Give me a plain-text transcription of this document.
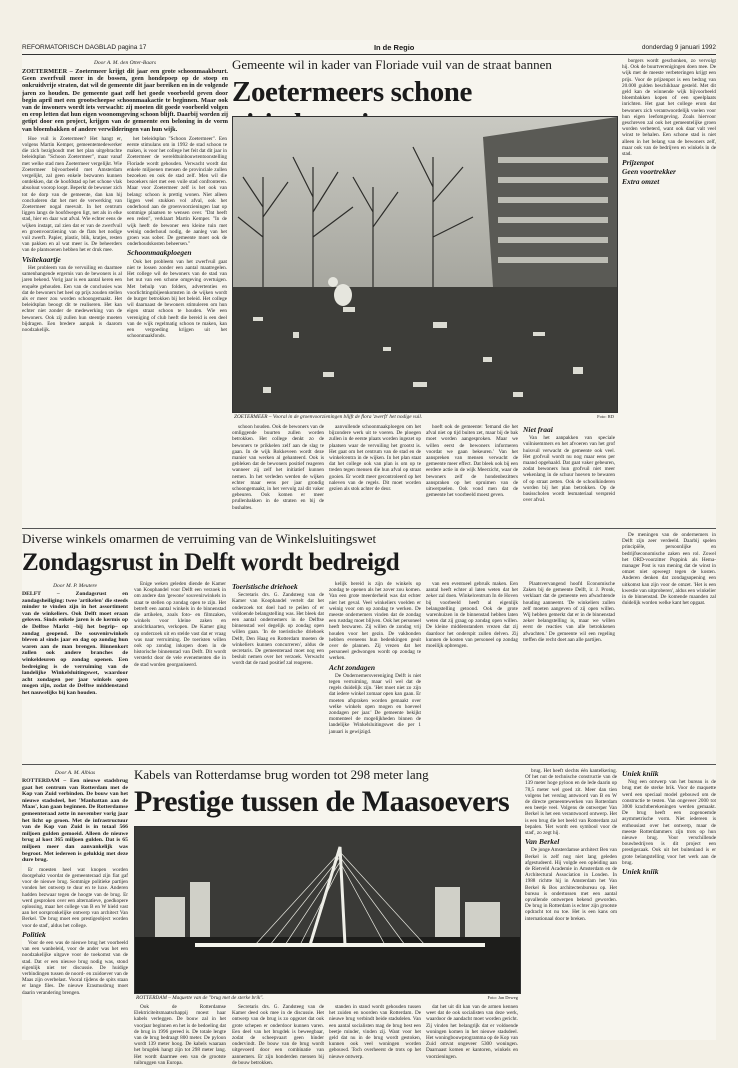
REFORMATORISCH DAGBLAD pagina 17	In de Regio	donderdag 9 januari 1992
Door A. M. den Otter-Baars
ZOETERMEER – Zoetermeer krijgt dit jaar een grote schoonmaakbeurt. Geen zwerfvuil meer in de bossen, geen hondepoep op de stoep en onkruidvrije straten, dat wil de gemeente dit jaar bereiken en in de volgende jaren zo houden. De gemeente gaat zelf het goede voorbeeld geven door begin april met een grootscheepse schoonmaakactie te beginnen. Maar ook van de inwoners wordt iets verwacht: zij moeten dit goede voorbeeld volgen en erop letten dat hun eigen woonomgeving schoon blijft. Daarbij worden zij getipt door een project, krijgen van de gemeente een beloning in de vorm van bloembakken of andere verwilderingen van hun wijk.

Hoe vuil is Zoetermeer? Het hangt er, volgens Martin Kemper, gemeentemedewerker die zich bezighoudt met het plan uitgebrachte beleidsplan "Schoon Zoetermeer", maar vanaf met welke stad men Zoetermeer vergelijkt. Wie Zoetermeer bijvoorbeeld met Amsterdam vergelijkt, zal geen enkele bezwaren kunnen ontdekken, dat de hoofdstad op het schone vlak absoluut voorop loopt. Beperkt de bewoner zich tot de dorp van de gemeente, dan kan hij concluderen dat het met de verwerking van Zoetermeer nogal meevalt. In het centrum liggen langs de hoofdwegen ligt, net als in elke stad, hier en daar wat afval. Wie echter eens de wijken instapt, zal zien dat er van de zwerfvuil en groenvoorziening van de flats het nodige vuil zwerft. Papier, plastic, blik, kratjes, resten van pakken en al wat meer is. De beheerders van de plantsoenen hebben het er druk mee.

Visitekaartje

Het probleem van de vervuiling en daarmee samenhangende ergernis van de bewoners is al jaren bekend. Vorig jaar is een aantal keren een enquête gehouden. Een van de conclusies was dat de bewoners het heel op prijs zouden stellen als er meer zou worden schoongemaakt. Het beleidsplan beoogt dit te realiseren. Het kan echter niet zonder de medewerking van de bewoners. Ook zij zullen hun steentje moeten bijdragen. Een bredere aanpak is daarom noodzakelijk.

het beleidsplan "Schoon Zoetermeer". Een eerste stimulans om in 1992 de stad schoon te maken, is voor het college het feit dat dit jaar in Zoetermeer de wereldtuinbouwtentoonstelling Floriade wordt gehouden. Verwacht wordt dat enkele miljoenen mensen de provinciale zullen bezoeken en ook de stad zelf. Men wil die bezoekers niet met een vuile stad confronteren. Maar voor Zoetermeer zelf is het ook van belang: schoon is prettig wonen. Niet alleen liggen veel stukken vol afval, ook het onderhoud aan de groenvoorzieningen laat op sommige plaatsen te wensen over. "Dat heeft een reden", verklaart Martin Kemper. "In de wijk heeft de bewoner een kleine tuin met weinig onderhoud nodig, de aanleg van het groen was sober. De gemeente moet ook de onderhoudskosten beheersen."

Schoonmaakploegen

Ook het probleem van het zwerfvuil gaat niet te lossen zonder een aantal maatregelen. Het college wil de bewoners van de stad van het nut van een schone omgeving overtuigen. Met behulp van folders, advertenties en voorlichtingsbijeenkomsten in de wijken wordt de burger betrokken bij het beleid. Het college wil daarnaast de bewoners stimuleren om hun eigen straat schoon te houden. Wie een vereniging of club heeft die bereid is een deel van de wijk regelmatig schoon te maken, kan een vergoeding krijgen uit het schoonmaakfonds.

Gemeente wil in kader van Floriade vuil van de straat bannen
Zoetermeers schone
ZOETERMEER – Vooral in de groenvoorzieningen blijft de flora 'zwerft' het nodige vuil.	Foto: RD

schoon houden. Ook de bewoners van de omliggende buurten zullen worden betrokken. Het college denkt zo de bewoners te prikkelen zelf aan de slag te gaan. In de wijk Rokkeveen wordt deze manier van werken al gehanteerd. Ook is gebleken dat de bewoners positief reageren wanneer zij zelf het initiatief kunnen nemen. In het verleden werden de wijken echter maar eens per jaar grondig schoongemaakt, in het vervolg zal dit vaker gebeuren. Ook komen er meer prullenbakken in de straten en bij de bushaltes.

aanvullende schoonmaakploegen om het bijzondere werk uit te voeren. De ploegen zullen in de eerste plaats worden ingezet op plaatsen waar de vervuiling het grootst is. Het gaat om het centrum van de stad en de winkelcentra in de wijken. In het plan staat dat het college ook van plan is om op te treden tegen mensen die hun afval op straat gooien. Er wordt meer gecontroleerd op het naleven van de regels. Dit moet worden gezien als stok achter de deur.

hoeft ook de gemeente: 'Iemand die het afval niet op tijd buiten zet, maar bij de bak moet worden aangesproken. Maar we willen eerst de bewoners informeren voordat we gaan bekeuren.' Van het aanspreken van mensen verwacht de gemeente meer effect. Dat bleek ook bij een eerdere actie in de wijk Meerzicht, waar de bewoners zelf de hondenbezitters aanspraken op het opruimen van de uitwerpselen. Ook vond men dat de gemeente het voorbeeld moest geven.

Niet fraai

Van het aanpakken van speciale vuilnisemmers en het afvoeren van het grof huisvuil verwacht de gemeente ook veel. Het grofvuil wordt nu nog maar eens per maand opgehaald. Dat gaat vaker gebeuren, zodat bewoners hun grofvuil niet meer wekenlang in de schuur hoeven te bewaren of op straat zetten. Ook de schoolkinderen worden bij het plan betrokken. Op de basisscholen wordt lesmateriaal verspreid over afval.

borgers wordt geschonken, zo vervolgt hij. Ook de buurtverenigingen doen mee. De wijk met de meeste verbeteringen krijgt een prijs. Voor de prijzenpot is een bedrag van 20.000 gulden beschikbaar gesteld. Met dit geld kan de winnende wijk bijvoorbeeld bloembakken kopen of een speelplaats inrichten. Het gaat het college erom dat bewoners zich verantwoordelijk voelen voor hun eigen leefomgeving. Zoals hiervoor geschreven zal ook het gemeentelijke groen worden verbeterd, want ook daar valt veel winst te behalen. Een schone stad is niet alleen in het belang van de bewoners zelf, maar ook van de bedrijven en winkels in de stad.

Prijzenpot
Geen voortrekker
Extra omzet
Diverse winkels omarmen de verruiming van de Winkelsluitingswet
Zondagsrust in Delft wordt bedreigd
Door M. P. Meutere
DELFT – Zondagsrust en zondagsheiliging: twee 'artikelen' die steeds minder te vinden zijn in het assortiment van de winkeliers. Ook Delft moet eraan geloven. Sinds enkele jaren is de kermis op de Delftse Markt –bij het begrip– op zondag geopend. De souvenirwinkels bleven al sinds jaar en dag op zondag hun waren aan de man brengen. Binnenkort zullen ook andere branches de winkeldeuren op zondag openen. Een bedreiging is de verruiming van de landelijke Winkelsluitingswet, waardoor acht zondagen per jaar winkels open mogen zijn, zodat de Delftse middenstand het nauwelijks bij kan houden.

Enige weken geleden diende de Kamer van Koophandel voor Delft een verzoek in om andere dan 'gewone' souvenirwinkels in staat te stellen op zondag open te zijn. Het betreft een aantal winkels in de binnenstad die artikelen, zoals foto- en filmzaken, winkels voor kleine zaken en ansichtkaarten, verkopen. De Kamer ging op onderzoek uit en stelde vast dat er vraag was naar verruiming. De toeristen willen ook op zondag inkopen doen in de historische binnenstad van Delft. Dit wordt versterkt door de vele evenementen die in de stad worden georganiseerd.

Toeristische driehoek

Secretaris drs. G. Zandsteeg van de Kamer van Koophandel vertelt dat het onderzoek tot doel had te peilen of er voldoende belangstelling was. Het bleek dat een aantal ondernemers in de Delftse binnenstad wel degelijk op zondag open willen gaan. 'In de toeristische driehoek Delft, Den Haag en Rotterdam moeten de winkeliers kunnen concurreren', aldus de secretaris. De gemeenteraad moet nog een besluit nemen over het verzoek. Verwacht wordt dat de raad positief zal reageren.

kelijk bereid is zijn de winkels op zondag te openen als het zover zou komen. Van een grote meerderheid was dat echter niet het geval. Veel winkeliers voelden er weinig voor om op zondag te werken. De meeste ondernemers vinden dat de zondag een rustdag moet blijven. Ook het personeel heeft bezwaren. Zij willen de zondag vrij houden voor het gezin. De vakbonden hebben eveneens hun bedenkingen geuit over de plannen. Zij vrezen dat het personeel gedwongen wordt op zondag te werken.

Acht zondagen

De Ondernemersvereniging Delft is niet tegen verruiming, maar wil wel dat de regels duidelijk zijn. 'Het moet niet zo zijn dat iedere winkel zomaar open kan gaan. Er moeten afspraken worden gemaakt over welke winkels open mogen en hoeveel zondagen per jaar.' De gemeente bekijkt momenteel de mogelijkheden binnen de landelijke Winkelsluitingswet die per 1 januari is gewijzigd.

van een eventueel gebruik maken. Een aantal heeft echter al laten weten dat het zeker zal doen. Winkelcentrum In de Hoven bij voorbeeld heeft al eigenlijk belangstelling getoond. Ook de grote warenhuizen in de binnenstad hebben laten weten dat zij graag op zondag open willen. De kleine middenstanders vrezen dat zij daardoor het onderspit zullen delven. Zij kunnen de kosten van personeel op zondag moeilijk opbrengen.

Plaatsvervangend hoofd Economische Zaken bij de gemeente Delft, ir. J. Pronk, verklaart dat de gemeente een afwachtende houding aanneemt. 'De winkeliers zullen zelf moeten aangeven of zij open willen. Wij hebben gemerkt dat er in de binnenstad zeker belangstelling is, maar we willen eerst de reacties van alle betrokkenen afwachten.' De gemeente wil een regeling treffen die recht doet aan alle partijen.

De meningen van de ondernemers in Delft zijn zeer verdeeld. Daarbij spelen principiële, persoonlijke en bedrijfseconomische zaken een rol. Zowel het ORD-voorzitter Poppink als Hema-manager Post is van mening dat de winst in omzet niet opweegt tegen de kosten. Anderen denken dat zondagsopening een uitkomst kan zijn voor de omzet. 'Het is een kwestie van uitproberen', aldus een winkelier in de binnenstad. De komende maanden zal duidelijk worden welke kant het opgaat.

Door A. M. Albias
ROTTERDAM – Een nieuwe stadsbrug gaat het centrum van Rotterdam met de Kop van Zuid verbinden. De bouw van het nieuwe stadsdeel, het 'Manhattan aan de Maas', kan gaan beginnen. De Rotterdamse gemeenteraad zette in november vorig jaar het licht op groen. Met de infrastructuur van de Kop van Zuid is in totaal 566 miljoen gulden gemoeid. Alleen de nieuwe brug al kost 365 miljoen gulden. Dat is 65 miljoen meer dan aanvankelijk was begroot. Met iedereen is gelukkig met deze dure brug.

Er moesten heel wat knopen worden doorgehakt voordat de gemeenteraad zijn fiat gaf voor de nieuwe brug. Sommige politieke partijen vonden het ontwerp te duur en te luxe. Anderen hadden bezwaar tegen de hoogte van de brug. Er werd gesproken over een alternatieve, goedkopere oplossing, maar het college van B en W hield vast aan het oorspronkelijke ontwerp van architect Van Berkel. 'De brug moet een prestigeobject worden voor de stad', aldus het college.

Politiek

Voor de een was de nieuwe brug het voorbeeld van een wanbeleid, voor de ander was het een noodzakelijke uitgave voor de toekomst van de stad. Dat er een nieuwe brug nodig was, stond eigenlijk niet ter discussie. De huidige verbindingen tussen de noord- en zuidoever van de Maas zijn overbelast. Vooral tijdens de spits staan er lange files. De nieuwe Erasmusbrug moet daarin verandering brengen.

Kabels van Rotterdamse brug worden tot 298 meter lang
Prestige tussen de Maasoevers
ROTTERDAM – Maquette van de "brug met de sterke brik".	Foto: Jan Deweg

Ook de Rotterdamse Elektriciteitsmaatschappij moest haar kabels verleggen. De bouw zal in het voorjaar beginnen en het is de bedoeling dat de brug in 1996 gereed is. De totale lengte van de brug bedraagt 800 meter. De pyloon wordt 139 meter hoog. De kabels waaraan het brugdek hangt zijn tot 298 meter lang. Het wordt daarmee een van de grootste tuibruggen van Europa.

Secretaris drs. G. Zandsteeg van de Kamer deed ook mee in de discussie. Het ontwerp van de brug is zo opgezet dat ook grote schepen er onderdoor kunnen varen. Een deel van het brugdek is beweegbaar, zodat de scheepvaart geen hinder ondervindt. De bouw van de brug wordt uitgevoerd door een combinatie van aannemers. Er zijn honderden mensen bij de bouw betrokken.

standen in stand wordt gehouden tussen het zuiden en noorden van Rotterdam. De nieuwe brug verbindt beide stadsdelen. Van een aantal socialisten mag de brug best een beetje minder, vinden zij. Want voor het geld dat nu in de brug wordt gestoken, kunnen ook veel woningen worden gebouwd. Toch overheerst de trots op het nieuwe ontwerp.

dat het uit dit kan van de armen kennen weet dat de ook socialisten van deze werk, waardoor de aandacht moet worden gericht. Zij vinden het belangrijk dat er voldoende woningen komen in het nieuwe stadsdeel. Het woningbouwprogramma op de Kop van Zuid omvat ongeveer 5300 woningen. Daarnaast komen er kantoren, winkels en voorzieningen.

brug. Het heeft slechts één kantelkering. Of het nut de technische constructie van de 139 meter hoge pyloon en de lede daarin op 78,5 meter wel goed zit. Meer dan tien volgens het verslag antwoord van B en W de directe gemeentewerken van Rotterdam een beetje veel. Volgens de ontwerper Van Berkel is het een verantwoord ontwerp. Het is een brug die het beeld van Rotterdam zal bepalen. 'Het wordt een symbool voor de stad', zo zegt hij.

Van Berkel

De jonge Amsterdamse architect Ben van Berkel is zelf nog niet lang geleden afgestudeerd. Hij volgde een opleiding aan de Rietveld Academie in Amsterdam en de Architectural Association in Londen. In 1988 richtte hij in Amsterdam het Van Berkel & Bos architectenbureau op. Het bureau is ondertussen met een aantal opvallende ontwerpen bekend geworden. De brug in Rotterdam is echter zijn grootste opdracht tot nu toe. Het is een kans om internationaal door te breken.

Uniek kniik

Nog een ontwerp van het bureau is de brug met de sterke brik. Voor de maquette werd een speciaal model gebouwd om de constructie te testen. Van ongeveer 2000 tot 3000 krachtberekeningen werden gemaakt. De brug heeft een zogenoemde asymmetrische vorm. Niet iedereen is enthousiast over het ontwerp, maar de meeste Rotterdammers zijn trots op hun nieuwe brug. Voor verschillende bouwbedrijven is dit project een prestigezaak. Ook uit het buitenland is er grote belangstelling voor het werk aan de brug.

Uniek kniik
